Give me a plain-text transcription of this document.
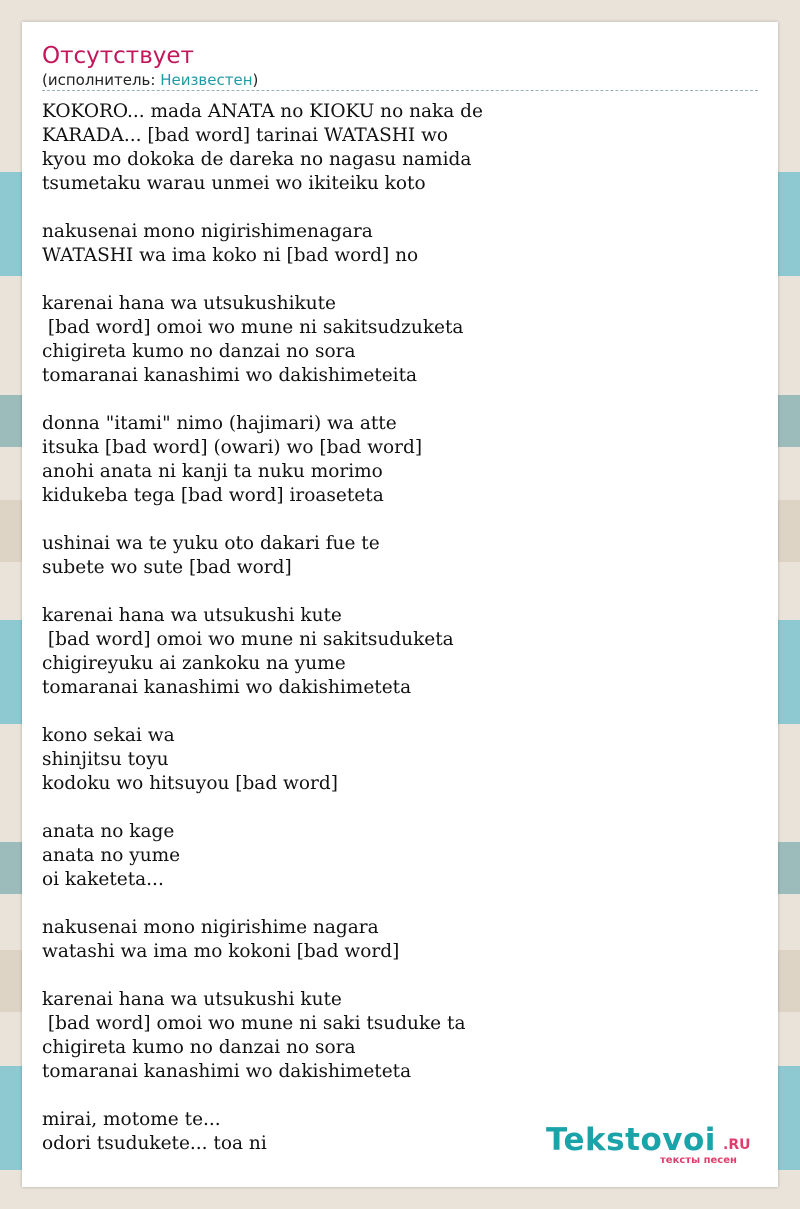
Отсутствует
(исполнитель: Неизвестен)
KOKORO... mada ANATA no KIOKU no naka de
KARADA... [bad word] tarinai WATASHI wo
kyou mo dokoka de dareka no nagasu namida
tsumetaku warau unmei wo ikiteiku koto

nakusenai mono nigirishimenagara
WATASHI wa ima koko ni [bad word] no

karenai hana wa utsukushikute
[bad word] omoi wo mune ni sakitsudzuketa
chigireta kumo no danzai no sora
tomaranai kanashimi wo dakishimeteita

donna "itami" nimo (hajimari) wa atte
itsuka [bad word] (owari) wo [bad word]
anohi anata ni kanji ta nuku morimo
kidukeba tega [bad word] iroaseteta

ushinai wa te yuku oto dakari fue te
subete wo sute [bad word]

karenai hana wa utsukushi kute
[bad word] omoi wo mune ni sakitsuduketa
chigireyuku ai zankoku na yume
tomaranai kanashimi wo dakishimeteta

kono sekai wa
shinjitsu toyu
kodoku wo hitsuyou [bad word]

anata no kage
anata no yume
oi kaketeta...

nakusenai mono nigirishime nagara
watashi wa ima mo kokoni [bad word]

karenai hana wa utsukushi kute
[bad word] omoi wo mune ni saki tsuduke ta
chigireta kumo no danzai no sora
tomaranai kanashimi wo dakishimeteta

mirai, motome te...
odori tsudukete... toa ni	Tekstovoi .RU
тексты песен
